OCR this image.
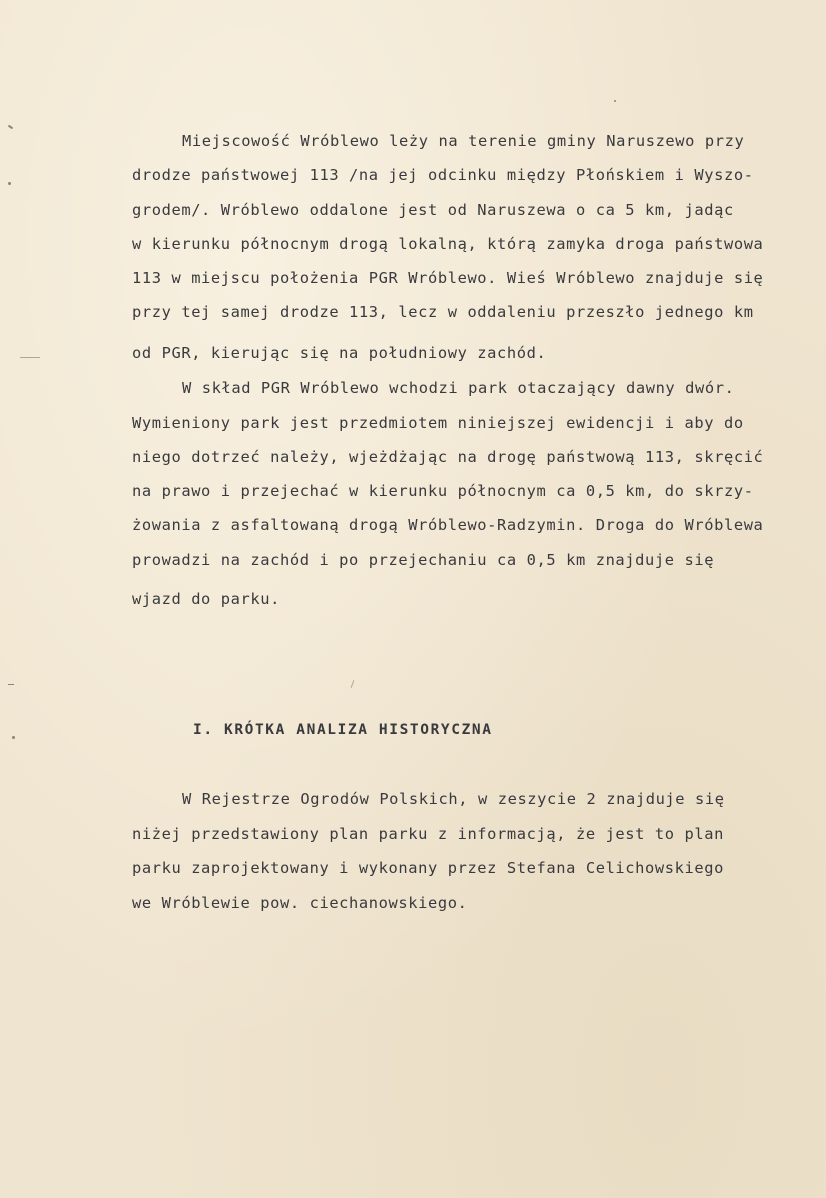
Miejscowość Wróblewo leży na terenie gminy Naruszewo przy

drodze państwowej 113 /na jej odcinku między Płońskiem i Wyszo-

grodem/. Wróblewo oddalone jest od Naruszewa o ca 5 km, jadąc

w kierunku północnym drogą lokalną, którą zamyka droga państwowa

113 w miejscu położenia PGR Wróblewo. Wieś Wróblewo znajduje się

przy tej samej drodze 113, lecz w oddaleniu przeszło jednego km

od PGR, kierując się na południowy zachód.

W skład PGR Wróblewo wchodzi park otaczający dawny dwór.

Wymieniony park jest przedmiotem niniejszej ewidencji i aby do

niego dotrzeć należy, wjeżdżając na drogę państwową 113, skręcić

na prawo i przejechać w kierunku północnym ca 0,5 km, do skrzy-

żowania z asfaltowaną drogą Wróblewo-Radzymin. Droga do Wróblewa

prowadzi na zachód i po przejechaniu ca 0,5 km znajduje się

wjazd do parku.

I. KRÓTKA ANALIZA HISTORYCZNA

W Rejestrze Ogrodów Polskich, w zeszycie 2 znajduje się

niżej przedstawiony plan parku z informacją, że jest to plan

parku zaprojektowany i wykonany przez Stefana Celichowskiego

we Wróblewie pow. ciechanowskiego.
